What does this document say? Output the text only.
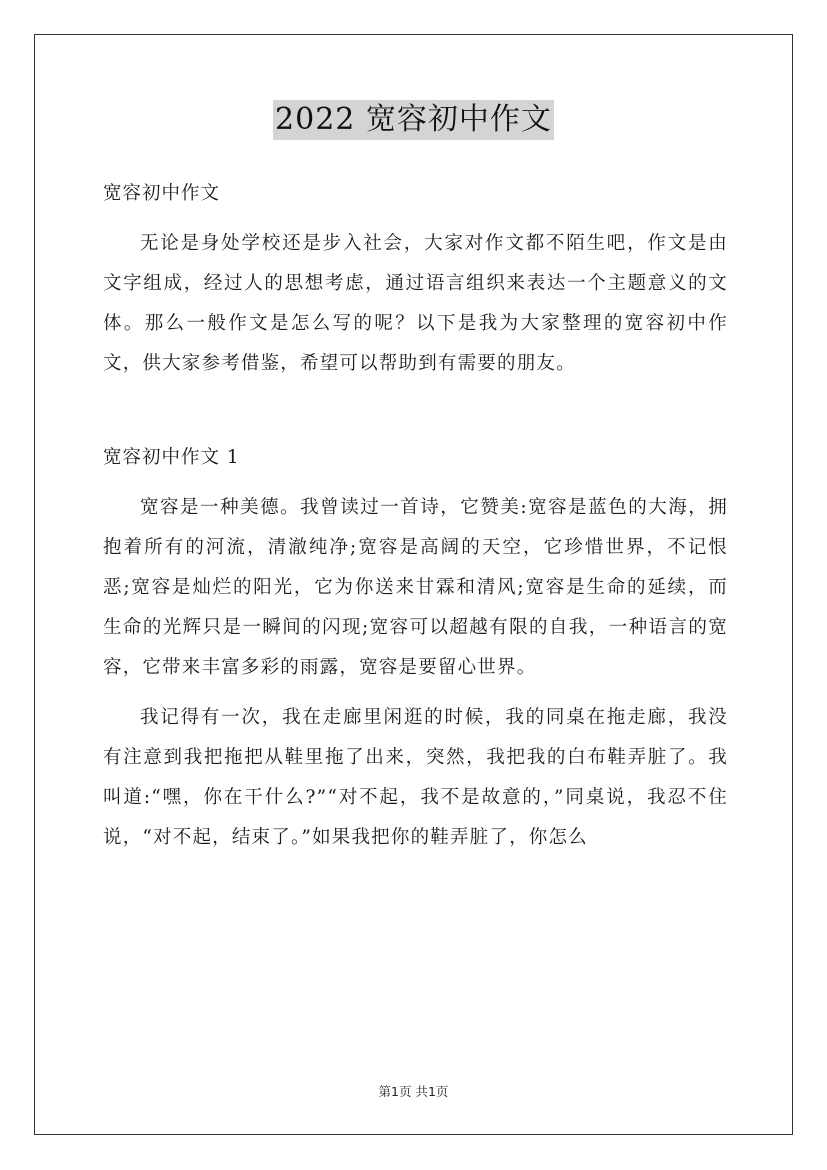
2022 宽容初中作文

宽容初中作文

无论是身处学校还是步入社会，大家对作文都不陌生吧，作文是由文字组成，经过人的思想考虑，通过语言组织来表达一个主题意义的文体。那么一般作文是怎么写的呢？以下是我为大家整理的宽容初中作文，供大家参考借鉴，希望可以帮助到有需要的朋友。

宽容初中作文 1

宽容是一种美德。我曾读过一首诗，它赞美:宽容是蓝色的大海，拥抱着所有的河流，清澈纯净;宽容是高阔的天空，它珍惜世界，不记恨恶;宽容是灿烂的阳光，它为你送来甘霖和清风;宽容是生命的延续，而生命的光辉只是一瞬间的闪现;宽容可以超越有限的自我，一种语言的宽容，它带来丰富多彩的雨露，宽容是要留心世界。

我记得有一次，我在走廊里闲逛的时候，我的同桌在拖走廊，我没有注意到我把拖把从鞋里拖了出来，突然，我把我的白布鞋弄脏了。我叫道:“嘿，你在干什么?”“对不起，我不是故意的，”同桌说，我忍不住说，“对不起，结束了。”如果我把你的鞋弄脏了，你怎么

第1页 共1页
